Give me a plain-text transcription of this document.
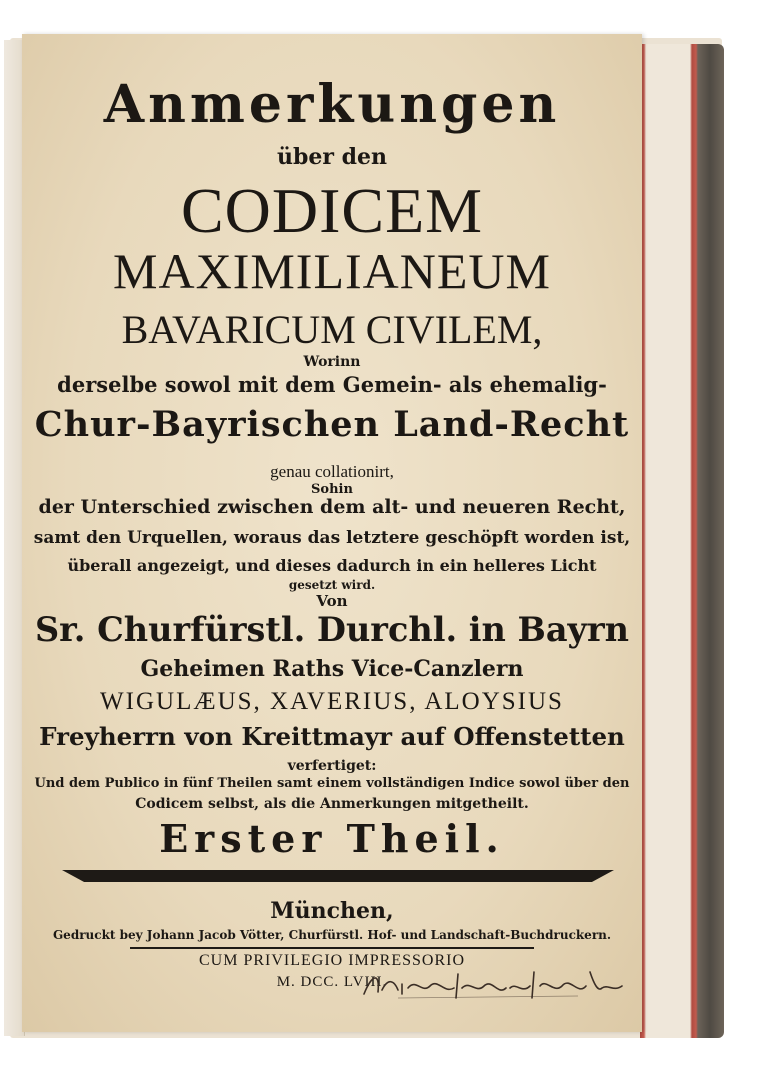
Anmerkungen
über den
CODICEM
MAXIMILIANEUM
BAVARICUM CIVILEM,
Worinn
derselbe sowol mit dem Gemein- als ehemalig-
Chur-Bayrischen Land-Recht
genau collationirt,
Sohin
der Unterschied zwischen dem alt- und neueren Recht,
samt den Urquellen, woraus das letztere geschöpft worden ist,
überall angezeigt, und dieses dadurch in ein helleres Licht
gesetzt wird.
Von
Sr. Churfürstl. Durchl. in Bayrn
Geheimen Raths Vice-Canzlern
WIGULÆUS, XAVERIUS, ALOYSIUS
Freyherrn von Kreittmayr auf Offenstetten
verfertiget:
Und dem Publico in fünf Theilen samt einem vollständigen Indice sowol über den
Codicem selbst, als die Anmerkungen mitgetheilt.
Erster Theil.
München,
Gedruckt bey Johann Jacob Vötter, Churfürstl. Hof- und Landschaft-Buchdruckern.
CUM PRIVILEGIO IMPRESSORIO
M. DCC. LVIII.
